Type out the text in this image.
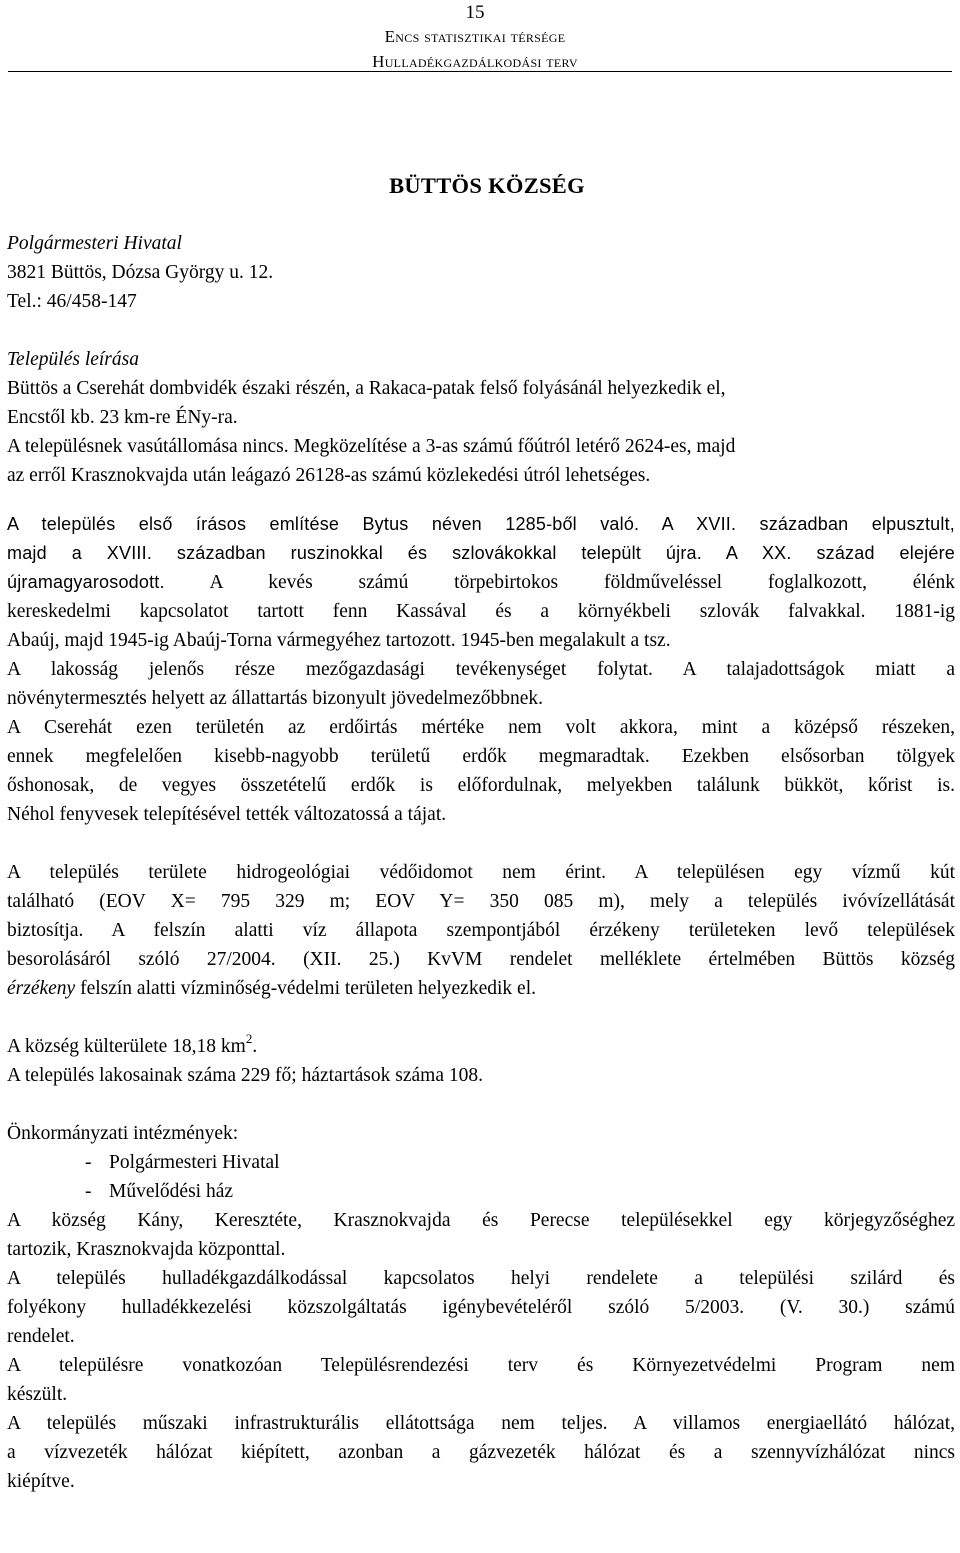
15
Encs statisztikai térsége
Hulladékgazdálkodási terv
BÜTTÖS KÖZSÉG
Polgármesteri Hivatal
3821 Büttös, Dózsa György u. 12.
Tel.: 46/458-147
Település leírása
Büttös a Cserehát dombvidék északi részén, a Rakaca-patak felső folyásánál helyezkedik el,
Encstől kb. 23 km-re ÉNy-ra.
A településnek vasútállomása nincs. Megközelítése a 3-as számú főútról letérő 2624-es, majd
az erről Krasznokvajda után leágazó 26128-as számú közlekedési útról lehetséges.
A település első írásos említése Bytus néven 1285-ből való. A XVII. században elpusztult,
majd a XVIII. században ruszinokkal és szlovákokkal települt újra. A XX. század elejére
újramagyarosodott. A kevés számú törpebirtokos földműveléssel foglalkozott, élénk
kereskedelmi kapcsolatot tartott fenn Kassával és a környékbeli szlovák falvakkal. 1881-ig
Abaúj, majd 1945-ig Abaúj-Torna vármegyéhez tartozott. 1945-ben megalakult a tsz.
A lakosság jelenős része mezőgazdasági tevékenységet folytat. A talajadottságok miatt a
növénytermesztés helyett az állattartás bizonyult jövedelmezőbbnek.
A Cserehát ezen területén az erdőirtás mértéke nem volt akkora, mint a középső részeken,
ennek megfelelően kisebb-nagyobb területű erdők megmaradtak. Ezekben elsősorban tölgyek
őshonosak, de vegyes összetételű erdők is előfordulnak, melyekben találunk bükköt, kőrist is.
Néhol fenyvesek telepítésével tették változatossá a tájat.
A település területe hidrogeológiai védőidomot nem érint. A településen egy vízmű kút
található (EOV X= 795 329 m; EOV Y= 350 085 m), mely a település ivóvízellátását
biztosítja. A felszín alatti víz állapota szempontjából érzékeny területeken levő települések
besorolásáról szóló 27/2004. (XII. 25.) KvVM rendelet melléklete értelmében Büttös község
érzékeny felszín alatti vízminőség-védelmi területen helyezkedik el.
A község külterülete 18,18 $km^2$.
A település lakosainak száma 229 fő; háztartások száma 108.
Önkormányzati intézmények:
- Polgármesteri Hivatal
- Művelődési ház
A község Kány, Keresztéte, Krasznokvajda és Perecse településekkel egy körjegyzőséghez
tartozik, Krasznokvajda központtal.
A település hulladékgazdálkodással kapcsolatos helyi rendelete a települési szilárd és
folyékony hulladékkezelési közszolgáltatás igénybevételéről szóló 5/2003. (V. 30.) számú
rendelet.
A településre vonatkozóan Településrendezési terv és Környezetvédelmi Program nem
készült.
A település műszaki infrastrukturális ellátottsága nem teljes. A villamos energiaellátó hálózat,
a vízvezeték hálózat kiépített, azonban a gázvezeték hálózat és a szennyvízhálózat nincs
kiépítve.
